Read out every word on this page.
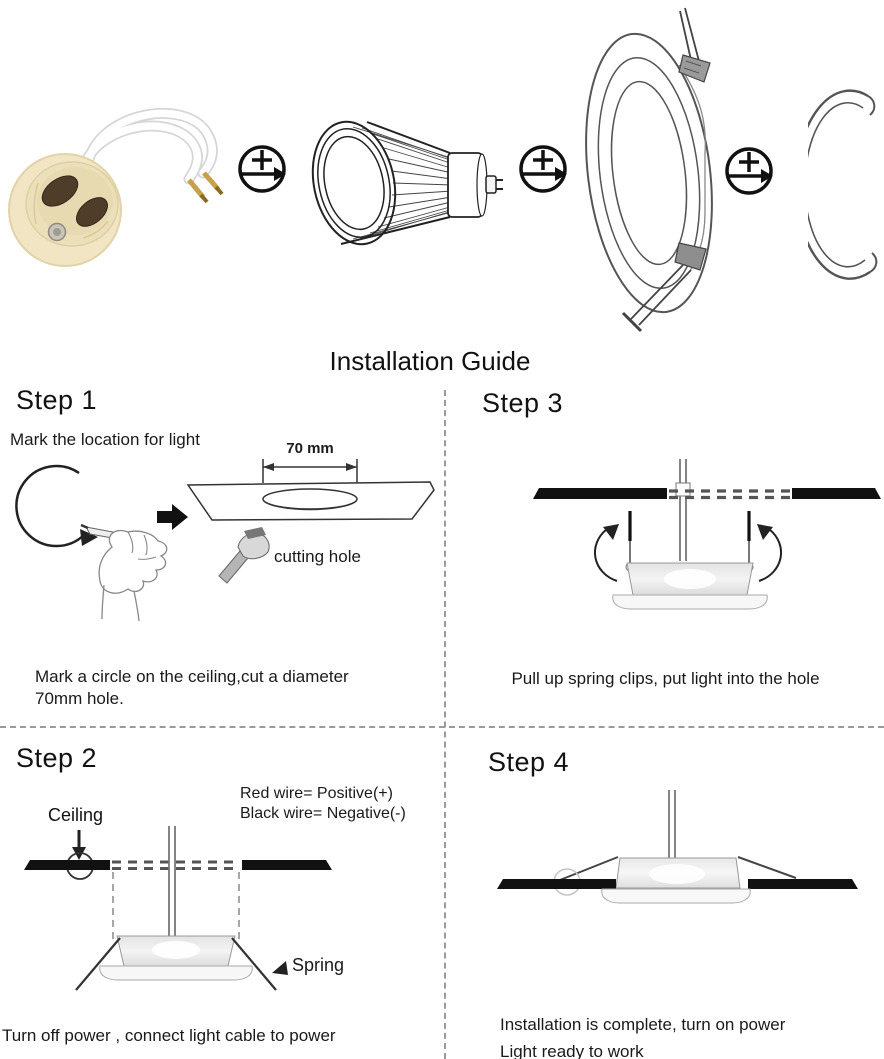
Installation Guide
Step 1
Mark the location for light	70 mm
cutting hole
Mark a circle on the ceiling,cut a diameter
70mm hole.
Step 3
Pull up spring clips, put light into the hole
Step 2
Red wire= Positive(+)
Black wire= Negative(-)
Ceiling
Spring
Turn off power , connect light cable to power
Step 4
Installation is complete, turn on power
Light ready to work
